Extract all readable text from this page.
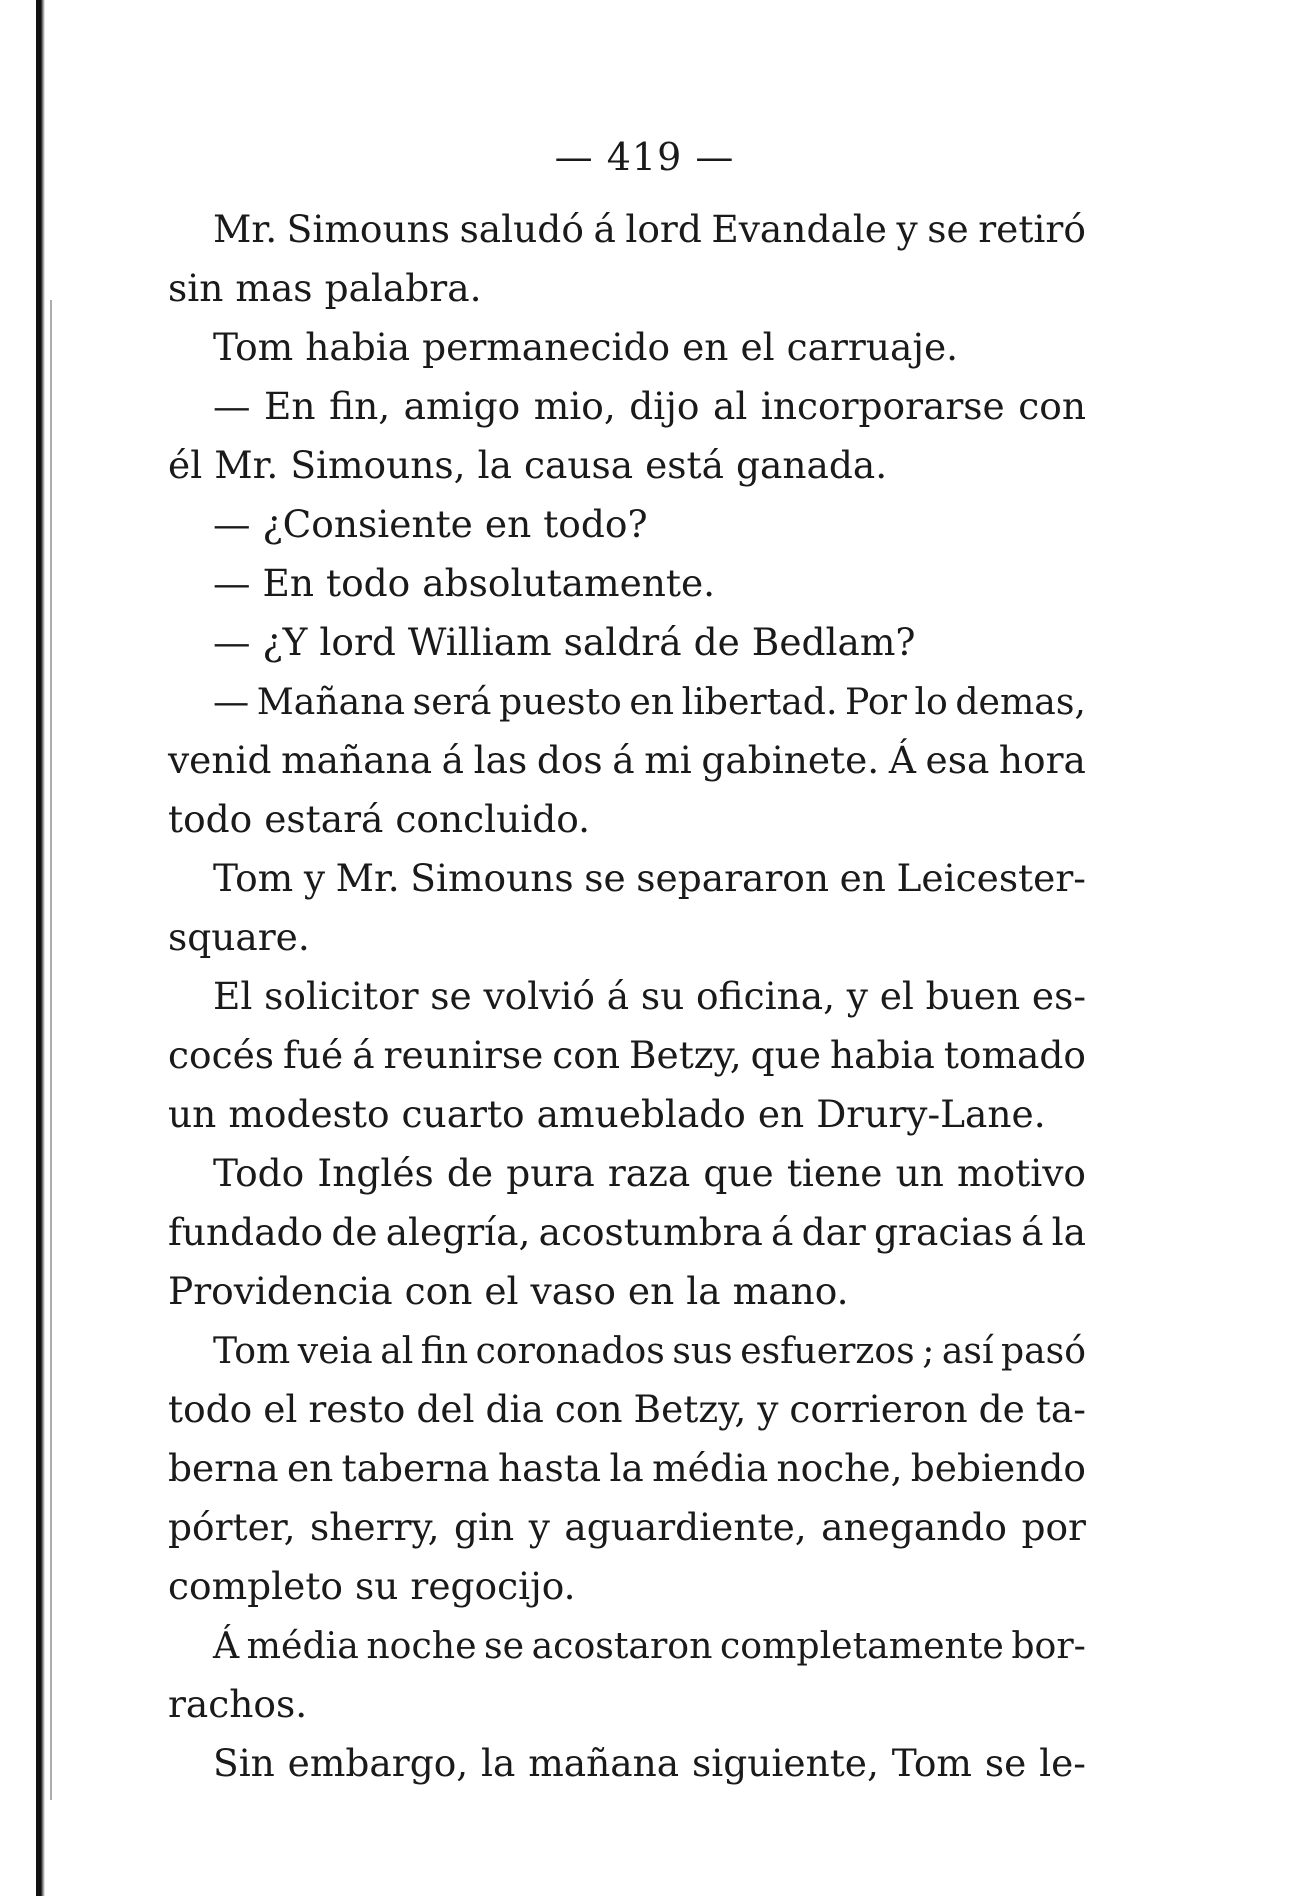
— 419 —
Mr. Simouns saludó á lord Evandale y se retiró
sin mas palabra.
Tom habia permanecido en el carruaje.
— En fin, amigo mio, dijo al incorporarse con
él Mr. Simouns, la causa está ganada.
— ¿Consiente en todo?
— En todo absolutamente.
— ¿Y lord William saldrá de Bedlam?
— Mañana será puesto en libertad. Por lo demas,
venid mañana á las dos á mi gabinete. Á esa hora
todo estará concluido.
Tom y Mr. Simouns se separaron en Leicester-
square.
El solicitor se volvió á su oficina, y el buen es-
cocés fué á reunirse con Betzy, que habia tomado
un modesto cuarto amueblado en Drury-Lane.
Todo Inglés de pura raza que tiene un motivo
fundado de alegría, acostumbra á dar gracias á la
Providencia con el vaso en la mano.
Tom veia al fin coronados sus esfuerzos ; así pasó
todo el resto del dia con Betzy, y corrieron de ta-
berna en taberna hasta la média noche, bebiendo
pórter, sherry, gin y aguardiente, anegando por
completo su regocijo.
Á média noche se acostaron completamente bor-
rachos.
Sin embargo, la mañana siguiente, Tom se le-
